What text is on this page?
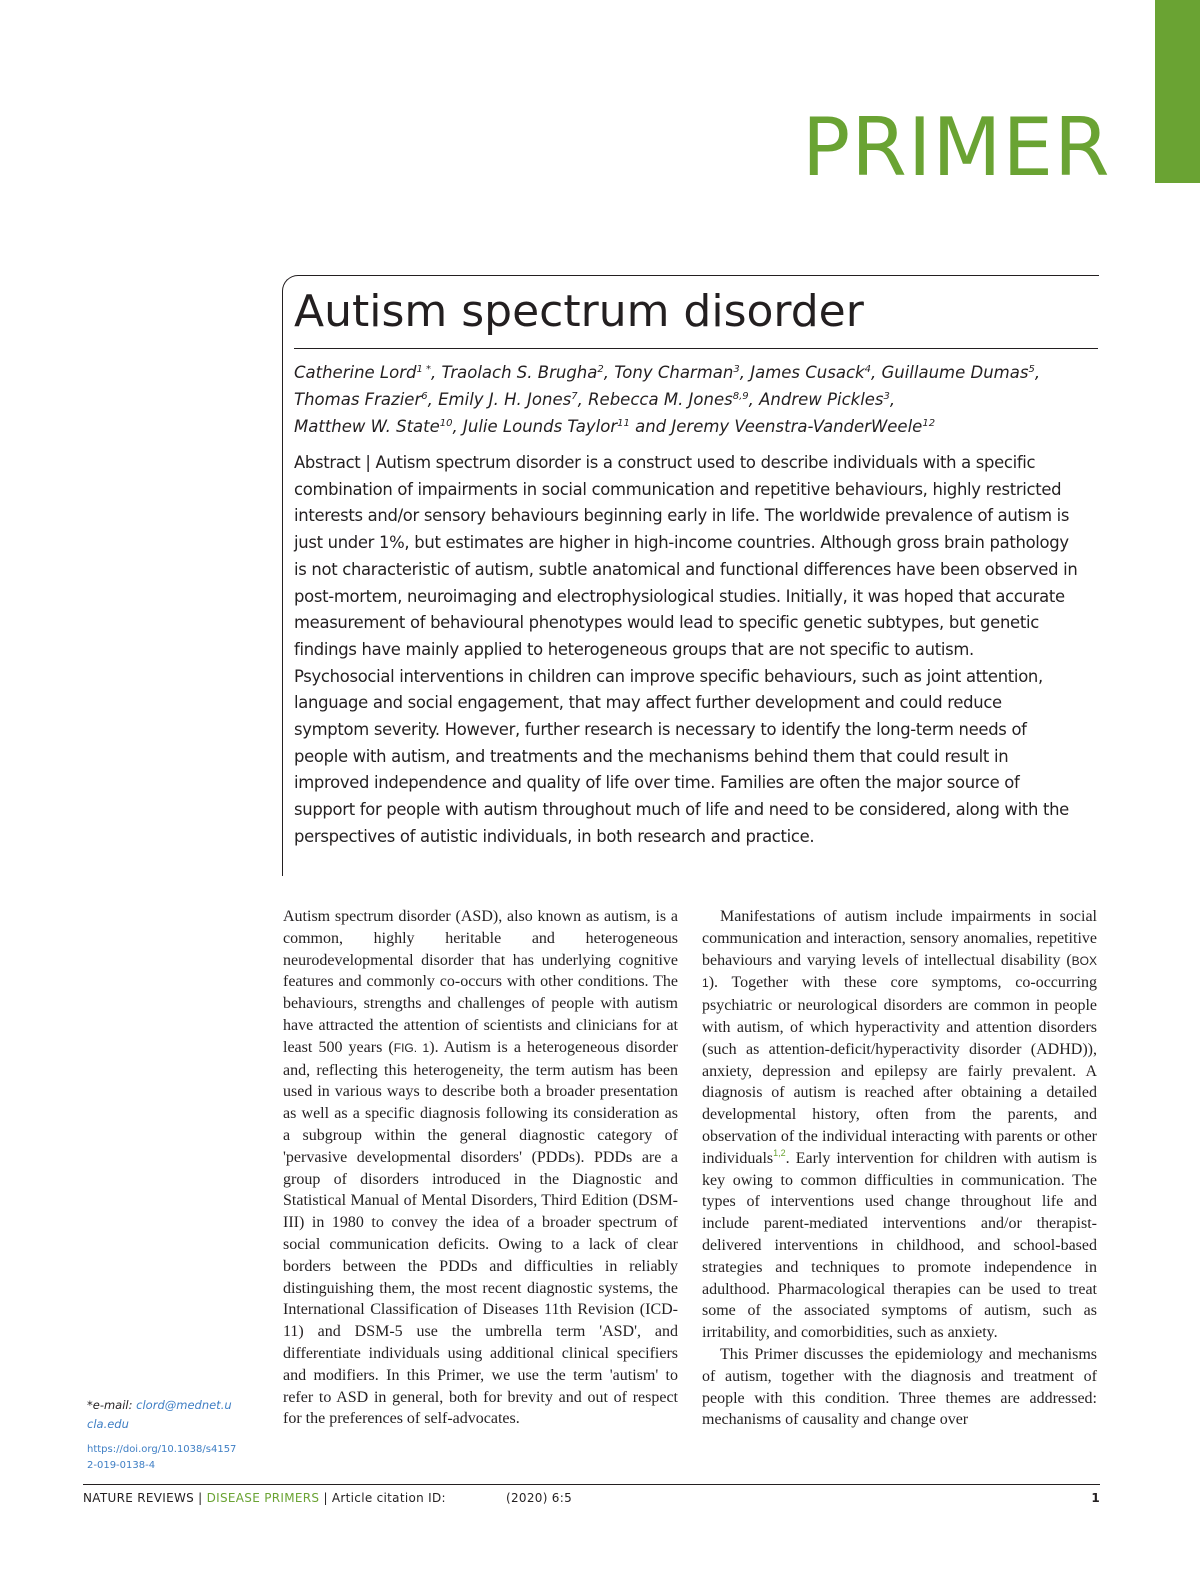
PRIMER
Autism spectrum disorder
Catherine Lord$^{1 *}$, Traolach S. Brugha$^2$, Tony Charman$^3$, James Cusack$^4$, Guillaume Dumas$^5$,
Thomas Frazier$^6$, Emily J. H. Jones$^7$, Rebecca M. Jones$^{8,9}$, Andrew Pickles$^3$,
Matthew W. State$^{10}$, Julie Lounds Taylor$^{11}$ and Jeremy Veenstra-VanderWeele$^{12}$
Abstract | Autism spectrum disorder is a construct used to describe individuals with a specific combination of impairments in social communication and repetitive behaviours, highly restricted interests and/or sensory behaviours beginning early in life. The worldwide prevalence of autism is just under 1%, but estimates are higher in high-income countries. Although gross brain pathology is not characteristic of autism, subtle anatomical and functional differences have been observed in post-mortem, neuroimaging and electrophysiological studies. Initially, it was hoped that accurate measurement of behavioural phenotypes would lead to specific genetic subtypes, but genetic findings have mainly applied to heterogeneous groups that are not specific to autism. Psychosocial interventions in children can improve specific behaviours, such as joint attention, language and social engagement, that may affect further development and could reduce symptom severity. However, further research is necessary to identify the long-term needs of people with autism, and treatments and the mechanisms behind them that could result in improved independence and quality of life over time. Families are often the major source of support for people with autism throughout much of life and need to be considered, along with the perspectives of autistic individuals, in both research and practice.

Autism spectrum disorder (ASD), also known as autism, is a common, highly heritable and heterogeneous neurodevelopmental disorder that has underlying cognitive features and commonly co-occurs with other conditions. The behaviours, strengths and challenges of people with autism have attracted the attention of scientists and clinicians for at least 500 years (FIG. 1). Autism is a heterogeneous disorder and, reflecting this heterogeneity, the term autism has been used in various ways to describe both a broader presentation as well as a specific diagnosis following its consideration as a subgroup within the general diagnostic category of 'pervasive developmental disorders' (PDDs). PDDs are a group of disorders introduced in the Diagnostic and Statistical Manual of Mental Disorders, Third Edition (DSM-III) in 1980 to convey the idea of a broader spectrum of social communication deficits. Owing to a lack of clear borders between the PDDs and difficulties in reliably distinguishing them, the most recent diagnostic systems, the International Classification of Diseases 11th Revision (ICD-11) and DSM-5 use the umbrella term 'ASD', and differentiate individuals using additional clinical specifiers and modifiers. In this Primer, we use the term 'autism' to refer to ASD in general, both for brevity and out of respect for the preferences of self-advocates.

Manifestations of autism include impairments in social communication and interaction, sensory anomalies, repetitive behaviours and varying levels of intellectual disability (BOX 1). Together with these core symptoms, co-occurring psychiatric or neurological disorders are common in people with autism, of which hyperactivity and attention disorders (such as attention-deficit/hyperactivity disorder (ADHD)), anxiety, depression and epilepsy are fairly prevalent. A diagnosis of autism is reached after obtaining a detailed developmental history, often from the parents, and observation of the individual interacting with parents or other individuals$^{1,2}$. Early intervention for children with autism is key owing to common difficulties in communication. The types of interventions used change throughout life and include parent-mediated interventions and/or therapist-delivered interventions in childhood, and school-based strategies and techniques to promote independence in adulthood. Pharmacological therapies can be used to treat some of the associated symptoms of autism, such as irritability, and comorbidities, such as anxiety.

This Primer discusses the epidemiology and mechanisms of autism, together with the diagnosis and treatment of people with this condition. Three themes are addressed: mechanisms of causality and change over

*e-mail: clord@mednet.ucla.edu
https://doi.org/10.1038/s41572-019-0138-4
NATURE REVIEWS | DISEASE PRIMERS | Article citation ID:	(2020) 6:5	1
